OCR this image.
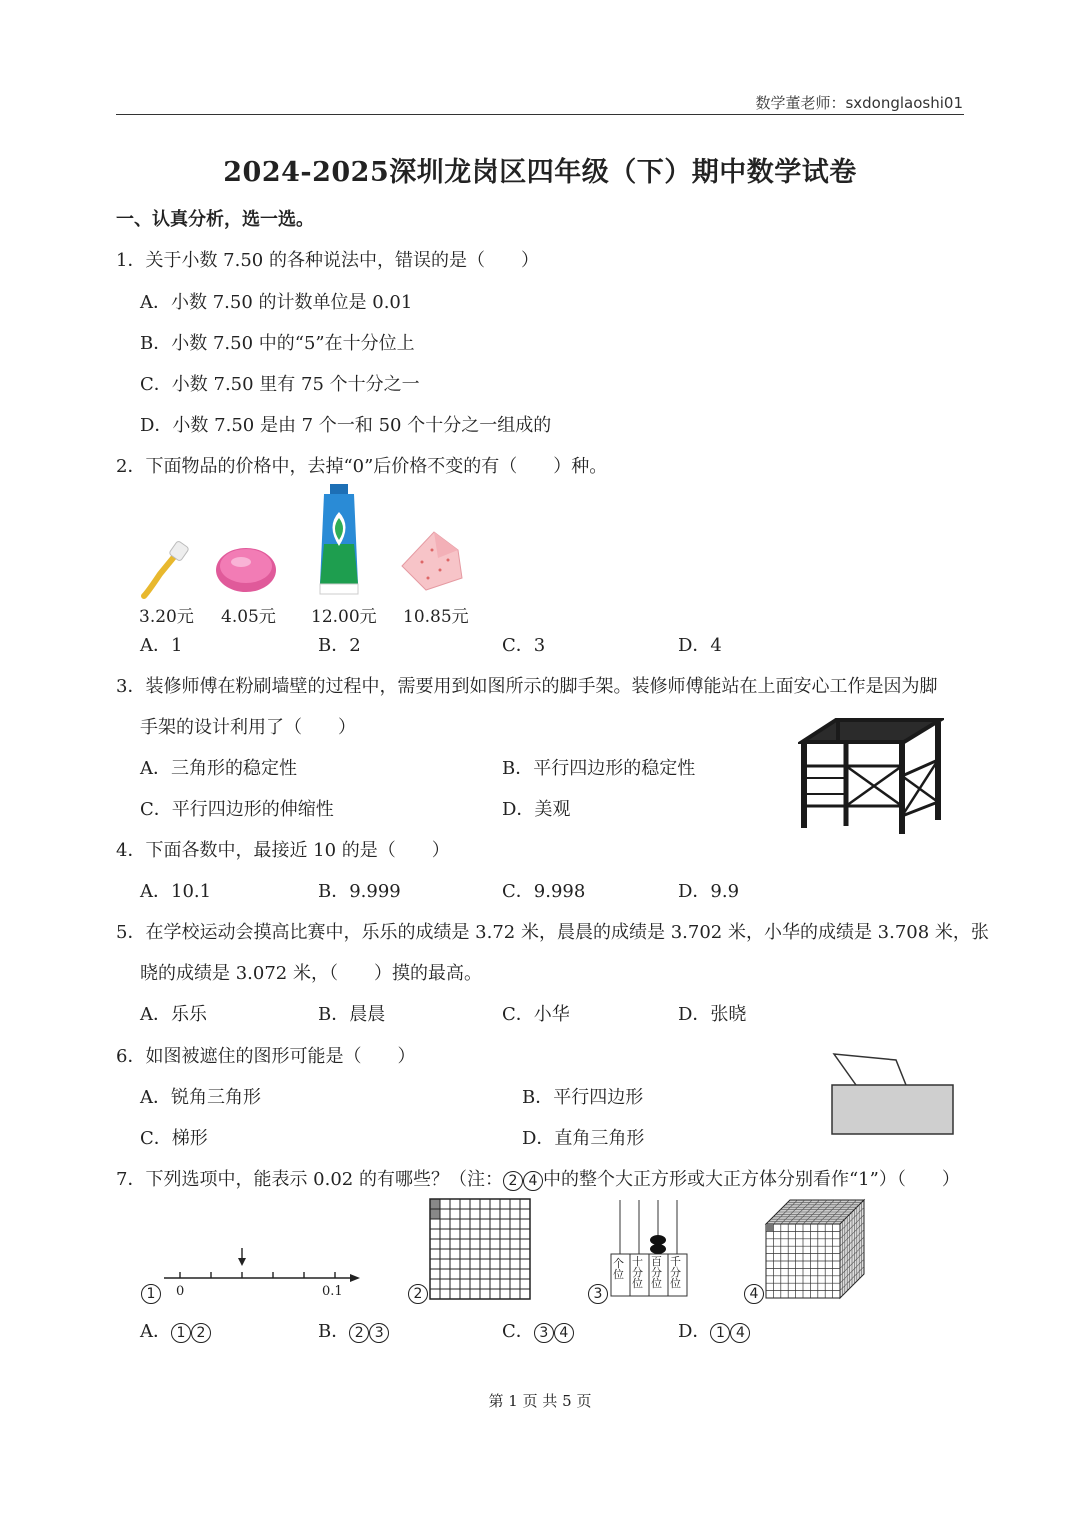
数学董老师：sxdonglaoshi01
2024-2025深圳龙岗区四年级（下）期中数学试卷
一、认真分析，选一选。
1．关于小数 7.50 的各种说法中，错误的是（　　）
A．小数 7.50 的计数单位是 0.01
B．小数 7.50 中的“5”在十分位上
C．小数 7.50 里有 75 个十分之一
D．小数 7.50 是由 7 个一和 50 个十分之一组成的
2．下面物品的价格中，去掉“0”后价格不变的有（　　）种。
3.20元 4.05元 12.00元 10.85元
A．1	B．2	C．3	D．4
3．装修师傅在粉刷墙壁的过程中，需要用到如图所示的脚手架。装修师傅能站在上面安心工作是因为脚
手架的设计利用了（　　）
A．三角形的稳定性	B．平行四边形的稳定性
C．平行四边形的伸缩性	D．美观
4．下面各数中，最接近 10 的是（　　）
A．10.1	B．9.999	C．9.998	D．9.9
5．在学校运动会摸高比赛中，乐乐的成绩是 3.72 米，晨晨的成绩是 3.702 米，小华的成绩是 3.708 米，张
晓的成绩是 3.072 米，（　　）摸的最高。
A．乐乐	B．晨晨	C．小华	D．张晓
6．如图被遮住的图形可能是（　　）
A．锐角三角形	B．平行四边形
C．梯形	D．直角三角形
7．下列选项中，能表示 0.02 的有哪些？（注： 2 4 中的整个大正方形或大正方体分别看作“1”）（　　）
1	0	0.1	2	3
个位
十分位
百分位
千分位
4
A． 1 2	B． 2 3	C． 3 4	D． 1 4
第 1 页 共 5 页
